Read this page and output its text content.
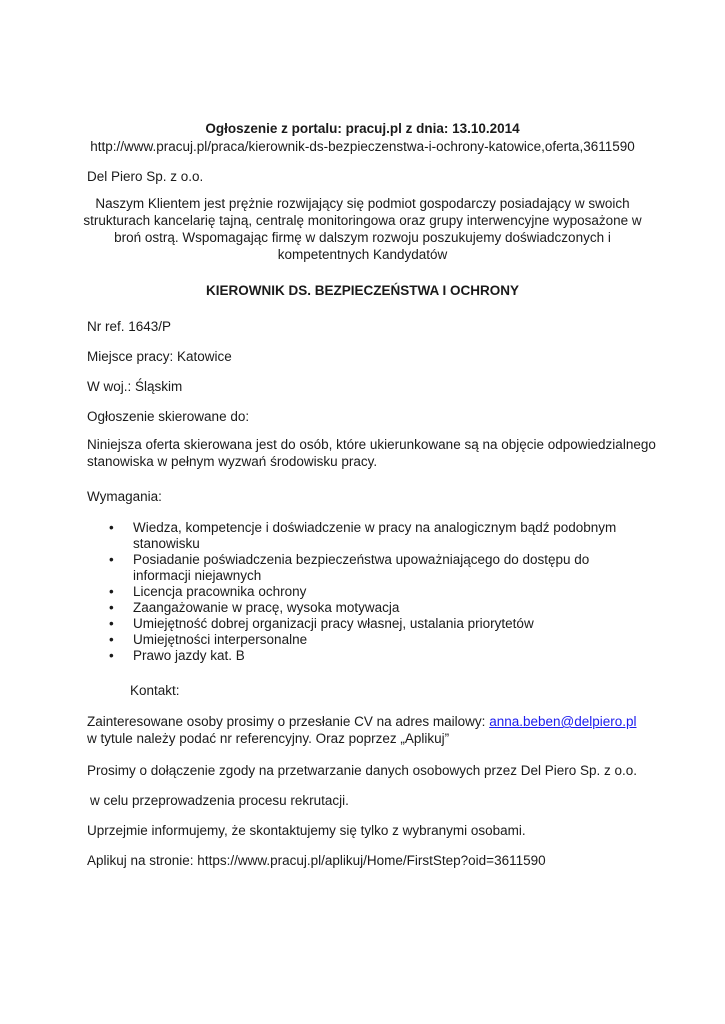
Ogłoszenie z portalu: pracuj.pl z dnia: 13.10.2014
http://www.pracuj.pl/praca/kierownik-ds-bezpieczenstwa-i-ochrony-katowice,oferta,3611590
Del Piero Sp. z o.o.
Naszym Klientem jest prężnie rozwijający się podmiot gospodarczy posiadający w swoich strukturach kancelarię tajną, centralę monitoringowa oraz grupy interwencyjne wyposażone w broń ostrą. Wspomagając firmę w dalszym rozwoju poszukujemy doświadczonych i kompetentnych Kandydatów
KIEROWNIK DS. BEZPIECZEŃSTWA I OCHRONY
Nr ref. 1643/P
Miejsce pracy: Katowice
W woj.: Śląskim
Ogłoszenie skierowane do:
Niniejsza oferta skierowana jest do osób, które ukierunkowane są na objęcie odpowiedzialnego stanowiska w pełnym wyzwań środowisku pracy.
Wymagania:
• Wiedza, kompetencje i doświadczenie w pracy na analogicznym bądź podobnym stanowisku
• Posiadanie poświadczenia bezpieczeństwa upoważniającego do dostępu do informacji niejawnych
• Licencja pracownika ochrony
• Zaangażowanie w pracę, wysoka motywacja
• Umiejętność dobrej organizacji pracy własnej, ustalania priorytetów
• Umiejętności interpersonalne
• Prawo jazdy kat. B
Kontakt:
Zainteresowane osoby prosimy o przesłanie CV na adres mailowy: anna.beben@delpiero.pl
w tytule należy podać nr referencyjny. Oraz poprzez „Aplikuj”
Prosimy o dołączenie zgody na przetwarzanie danych osobowych przez Del Piero Sp. z o.o.
w celu przeprowadzenia procesu rekrutacji.
Uprzejmie informujemy, że skontaktujemy się tylko z wybranymi osobami.
Aplikuj na stronie: https://www.pracuj.pl/aplikuj/Home/FirstStep?oid=3611590
